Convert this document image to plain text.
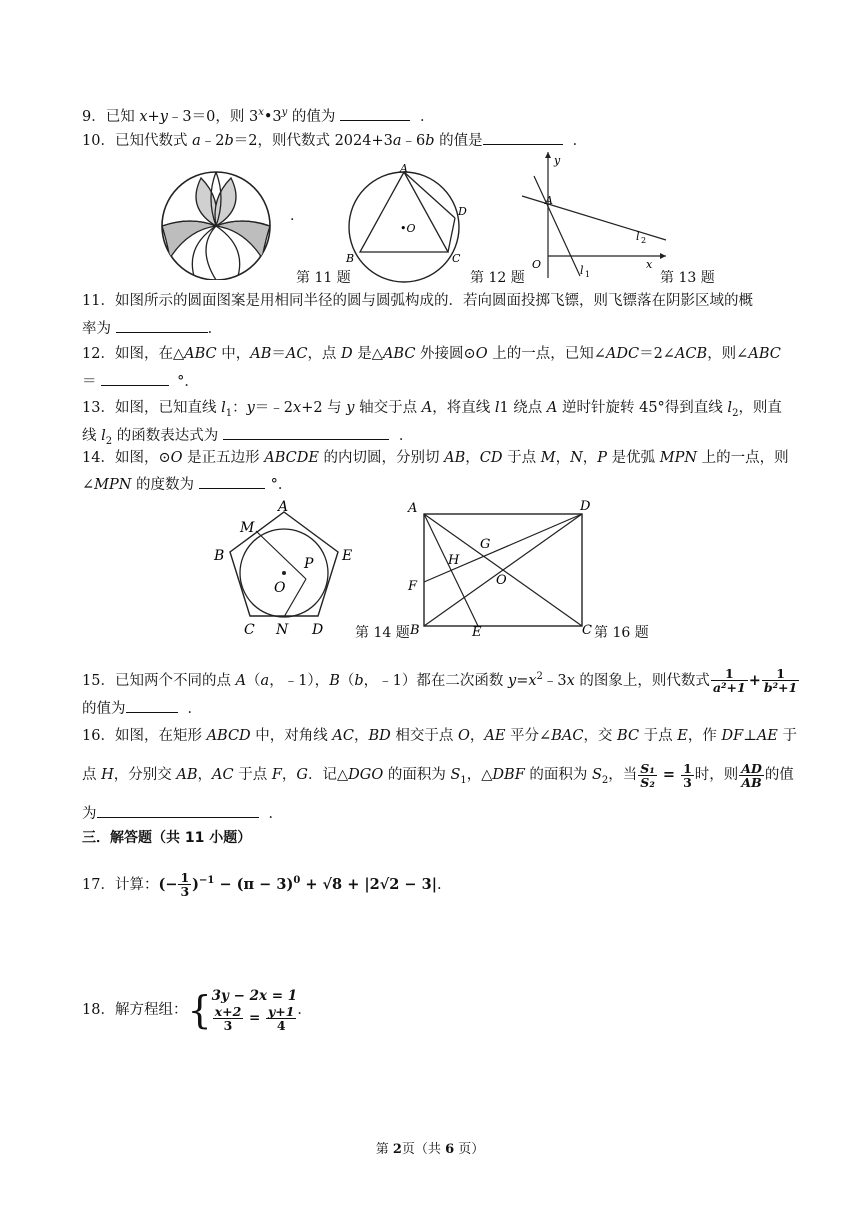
9．已知 x+y﹣3＝0，则 3$^x$•3$^y$ 的值为	．
10．已知代数式 a﹣2b＝2，则代数式 2024+3a﹣6b 的值是	．
·
A
B	C
D
•O
第 11 题	第 12 题
y
A
O	x
l 1
l 2
第 13 题
11．如图所示的圆面图案是用相同半径的圆与圆弧构成的．若向圆面投掷飞镖，则飞镖落在阴影区域的概
率为	．
12．如图，在△ABC 中，AB＝AC，点 D 是△ABC 外接圆⊙O 上的一点，已知∠ADC＝2∠ACB，则∠ABC
＝	°．
13．如图，已知直线 $l_1$：y＝﹣2x+2 与 y 轴交于点 A，将直线 l1 绕点 A 逆时针旋转 45°得到直线 $l_2$，则直
线 $l_2$ 的函数表达式为	．
14．如图，⊙O 是正五边形 ABCDE 的内切圆，分别切 AB，CD 于点 M，N，P 是优弧 MPN 上的一点，则
∠MPN 的度数为	°．
A
B
C	D
E
M
N
O
P
第 14 题
A
B	C
D
E
F
G
H
O
第 16 题
15．已知两个不同的点 A（a，﹣1），B（b，﹣1）都在二次函数 $y=x^2﹣3x$ 的图象上，则代数式 $\frac{1}{\text{a²+1}} + \frac{1}{\text{b²+1}}$
的值为	．
16．如图，在矩形 ABCD 中，对角线 AC，BD 相交于点 O，AE 平分∠BAC，交 BC 于点 E，作 DF⊥AE 于
点 H，分别交 AB，AC 于点 F，G．记△DGO 的面积为 $S_1$，△DBF 的面积为 $S_2$，当 $\frac{\text{S₁}}{\text{S₂}} = \frac{1}{3}$ 时，则 $\frac{AD}{AB}$ 的值
为	．
三．解答题（共 11 小题）
17．计算：(− $\frac{1}{3} )^{-1} - (\pi - 3)^0 + √8 + |2√2 - 3|$.
18．解方程组：{ 3y − 2x = 1
$\frac{x+2}{3} = \frac{y+1}{4}$ ．
第 2页（共 6 页）
